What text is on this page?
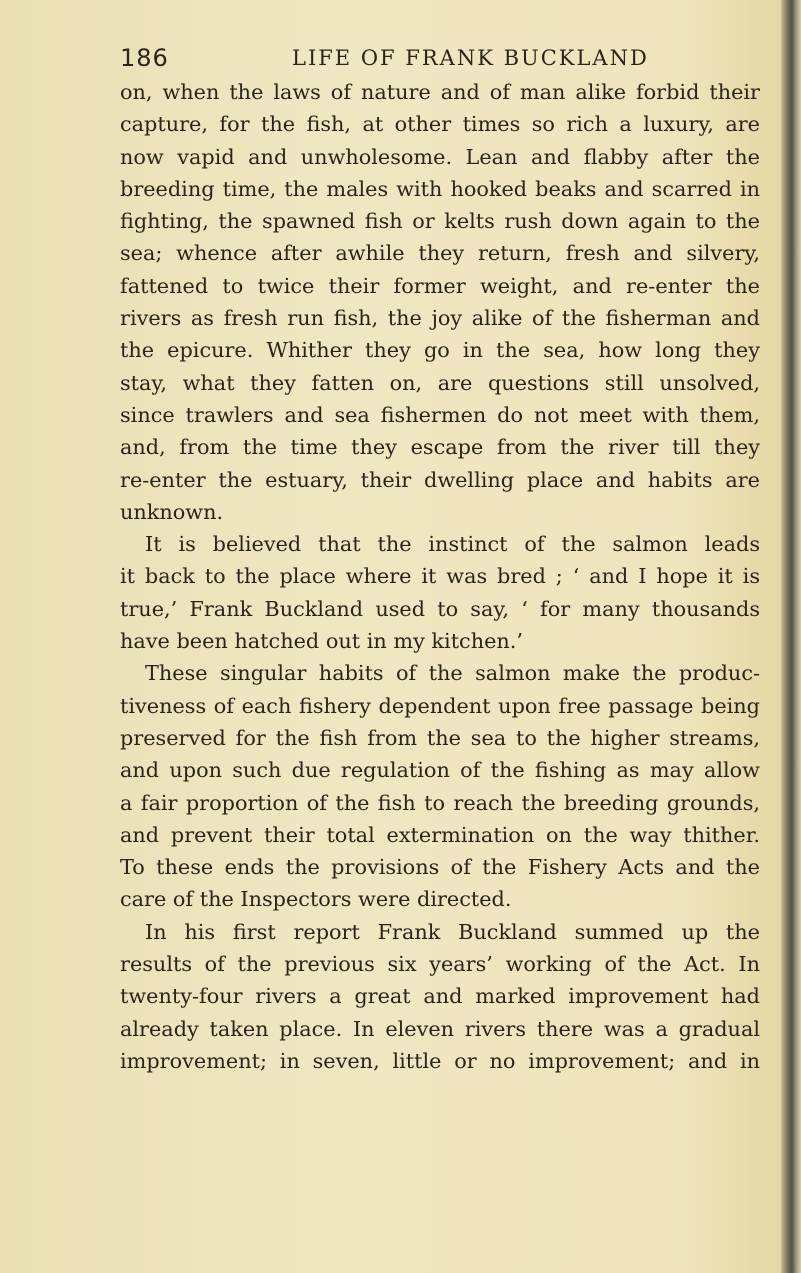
186	LIFE OF FRANK BUCKLAND
on, when the laws of nature and of man alike forbid their
capture, for the fish, at other times so rich a luxury, are
now vapid and unwholesome. Lean and flabby after the
breeding time, the males with hooked beaks and scarred in
fighting, the spawned fish or kelts rush down again to the
sea; whence after awhile they return, fresh and silvery,
fattened to twice their former weight, and re-enter the
rivers as fresh run fish, the joy alike of the fisherman and
the epicure. Whither they go in the sea, how long they
stay, what they fatten on, are questions still unsolved,
since trawlers and sea fishermen do not meet with them,
and, from the time they escape from the river till they
re-enter the estuary, their dwelling place and habits are
unknown.
It is believed that the instinct of the salmon leads
it back to the place where it was bred ; ‘ and I hope it is
true,’ Frank Buckland used to say, ‘ for many thousands
have been hatched out in my kitchen.’
These singular habits of the salmon make the produc-
tiveness of each fishery dependent upon free passage being
preserved for the fish from the sea to the higher streams,
and upon such due regulation of the fishing as may allow
a fair proportion of the fish to reach the breeding grounds,
and prevent their total extermination on the way thither.
To these ends the provisions of the Fishery Acts and the
care of the Inspectors were directed.
In his first report Frank Buckland summed up the
results of the previous six years’ working of the Act. In
twenty-four rivers a great and marked improvement had
already taken place. In eleven rivers there was a gradual
improvement; in seven, little or no improvement; and in
